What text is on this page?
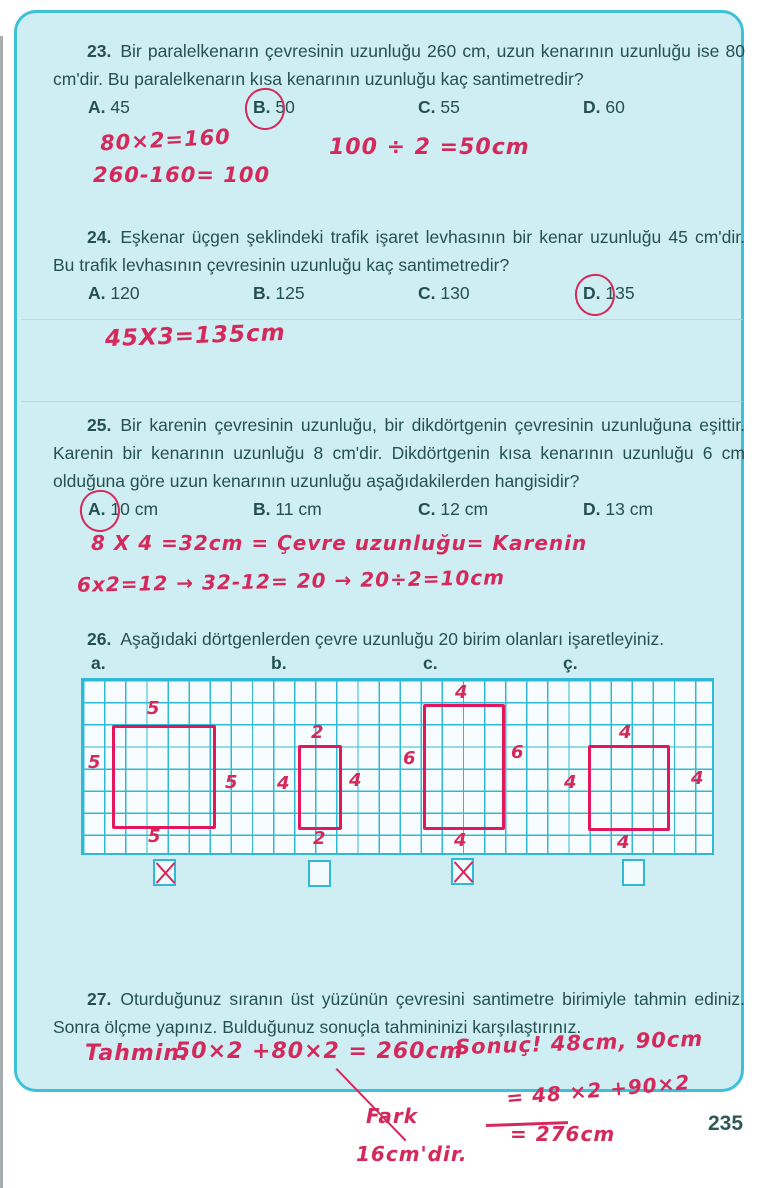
23. Bir paralelkenarın çevresinin uzunluğu 260 cm, uzun kenarının uzunluğu ise 80 cm'dir. Bu paralelkenarın kısa kenarının uzunluğu kaç santimetredir?

A. 45	B. 50	C. 55	D. 60
80×2=160
260-160= 100
100 ÷ 2 =50cm

24. Eşkenar üçgen şeklindeki trafik işaret levhasının bir kenar uzunluğu 45 cm'dir. Bu trafik levhasının çevresinin uzunluğu kaç santimetredir?

A. 120	B. 125	C. 130	D. 135
45X3=135cm

25. Bir karenin çevresinin uzunluğu, bir dikdörtgenin çevresinin uzunluğuna eşittir. Karenin bir kenarının uzunluğu 8 cm'dir. Dikdörtgenin kısa kenarının uzunluğu 6 cm olduğuna göre uzun kenarının uzunluğu aşağıdakilerden hangisidir?

A. 10 cm	B. 11 cm	C. 12 cm	D. 13 cm
8 X 4 =32cm = Çevre uzunluğu= Karenin
6x2=12 → 32-12= 20 → 20÷2=10cm

26. Aşağıdaki dörtgenlerden çevre uzunluğu 20 birim olanları işaretleyiniz.

a.	b.	c.	ç.
5
5
5
5
2
4	4
2
4
6	6
4
4
4	4
4

27. Oturduğunuz sıranın üst yüzünün çevresini santimetre birimiyle tahmin ediniz. Sonra ölçme yapınız. Bulduğunuz sonuçla tahmininizi karşılaştırınız.

Tahmin.
50×2 +80×2 = 260cm
Sonuç! 48cm, 90cm
= 48 ×2 +90×2
= 276cm
Fark
16cm'dir.
235
